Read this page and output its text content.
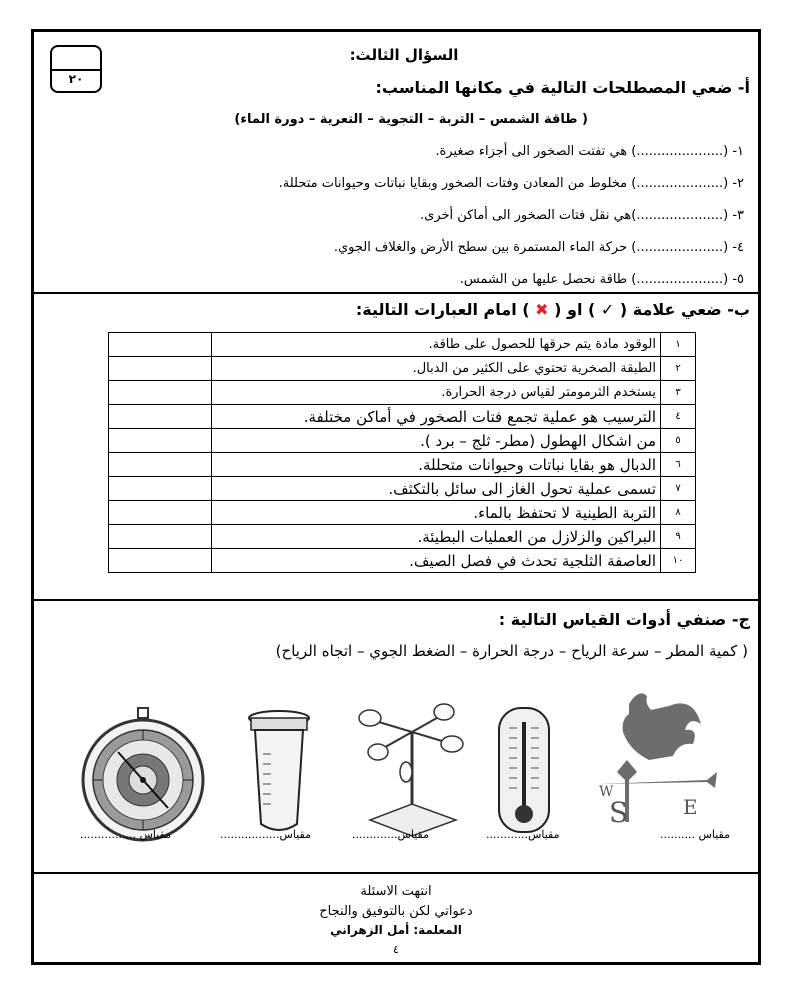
٢٠
السؤال الثالث:
أ- ضعي المصطلحات التالية في مكانها المناسب:
( طاقة الشمس – التربة – التجوية – التعرية – دورة الماء)
١- (.....................) هي تفتت الصخور الى أجزاء صغيرة.
٢- (.....................) مخلوط من المعادن وفتات الصخور وبقايا نباتات وحيوانات متحللة.
٣- (.....................)هي نقل فتات الصخور الى أماكن أخرى.
٤- (.....................) حركة الماء المستمرة بين سطح الأرض والغلاف الجوي.
٥- (.....................) طاقة نحصل عليها من الشمس.
ب- ضعي علامة ( ✓ ) او ( ✖ ) امام العبارات التالية:
١	الوقود مادة يتم حرقها للحصول على طاقة.	
٢	الطبقة الصخرية تحتوي على الكثير من الدبال.	
٣	يستخدم الثرمومتر لقياس درجة الحرارة.	
٤	الترسيب هو عملية تجمع فتات الصخور في أماكن مختلفة.	
٥	من اشكال الهطول (مطر- ثلج – برد ).	
٦	الدبال هو بقايا نباتات وحيوانات متحللة.	
٧	تسمى عملية تحول الغاز الى سائل بالتكثف.	
٨	التربة الطينية لا تحتفظ بالماء.	
٩	البراكين والزلازل من العمليات البطيئة.	
١٠	العاصفة الثلجية تحدث في فصل الصيف.	
ج- صنفي أدوات القياس التالية :
( كمية المطر – سرعة الرياح – درجة الحرارة – الضغط الجوي – اتجاه الرياح)
W
S	E
مقياس ..........
مقياس............
مقياس.............
مقياس.................
مقياس ................
انتهت الاسئلة
دعواتي لكن بالتوفيق والنجاح
المعلمة: أمل الزهراني
٤
